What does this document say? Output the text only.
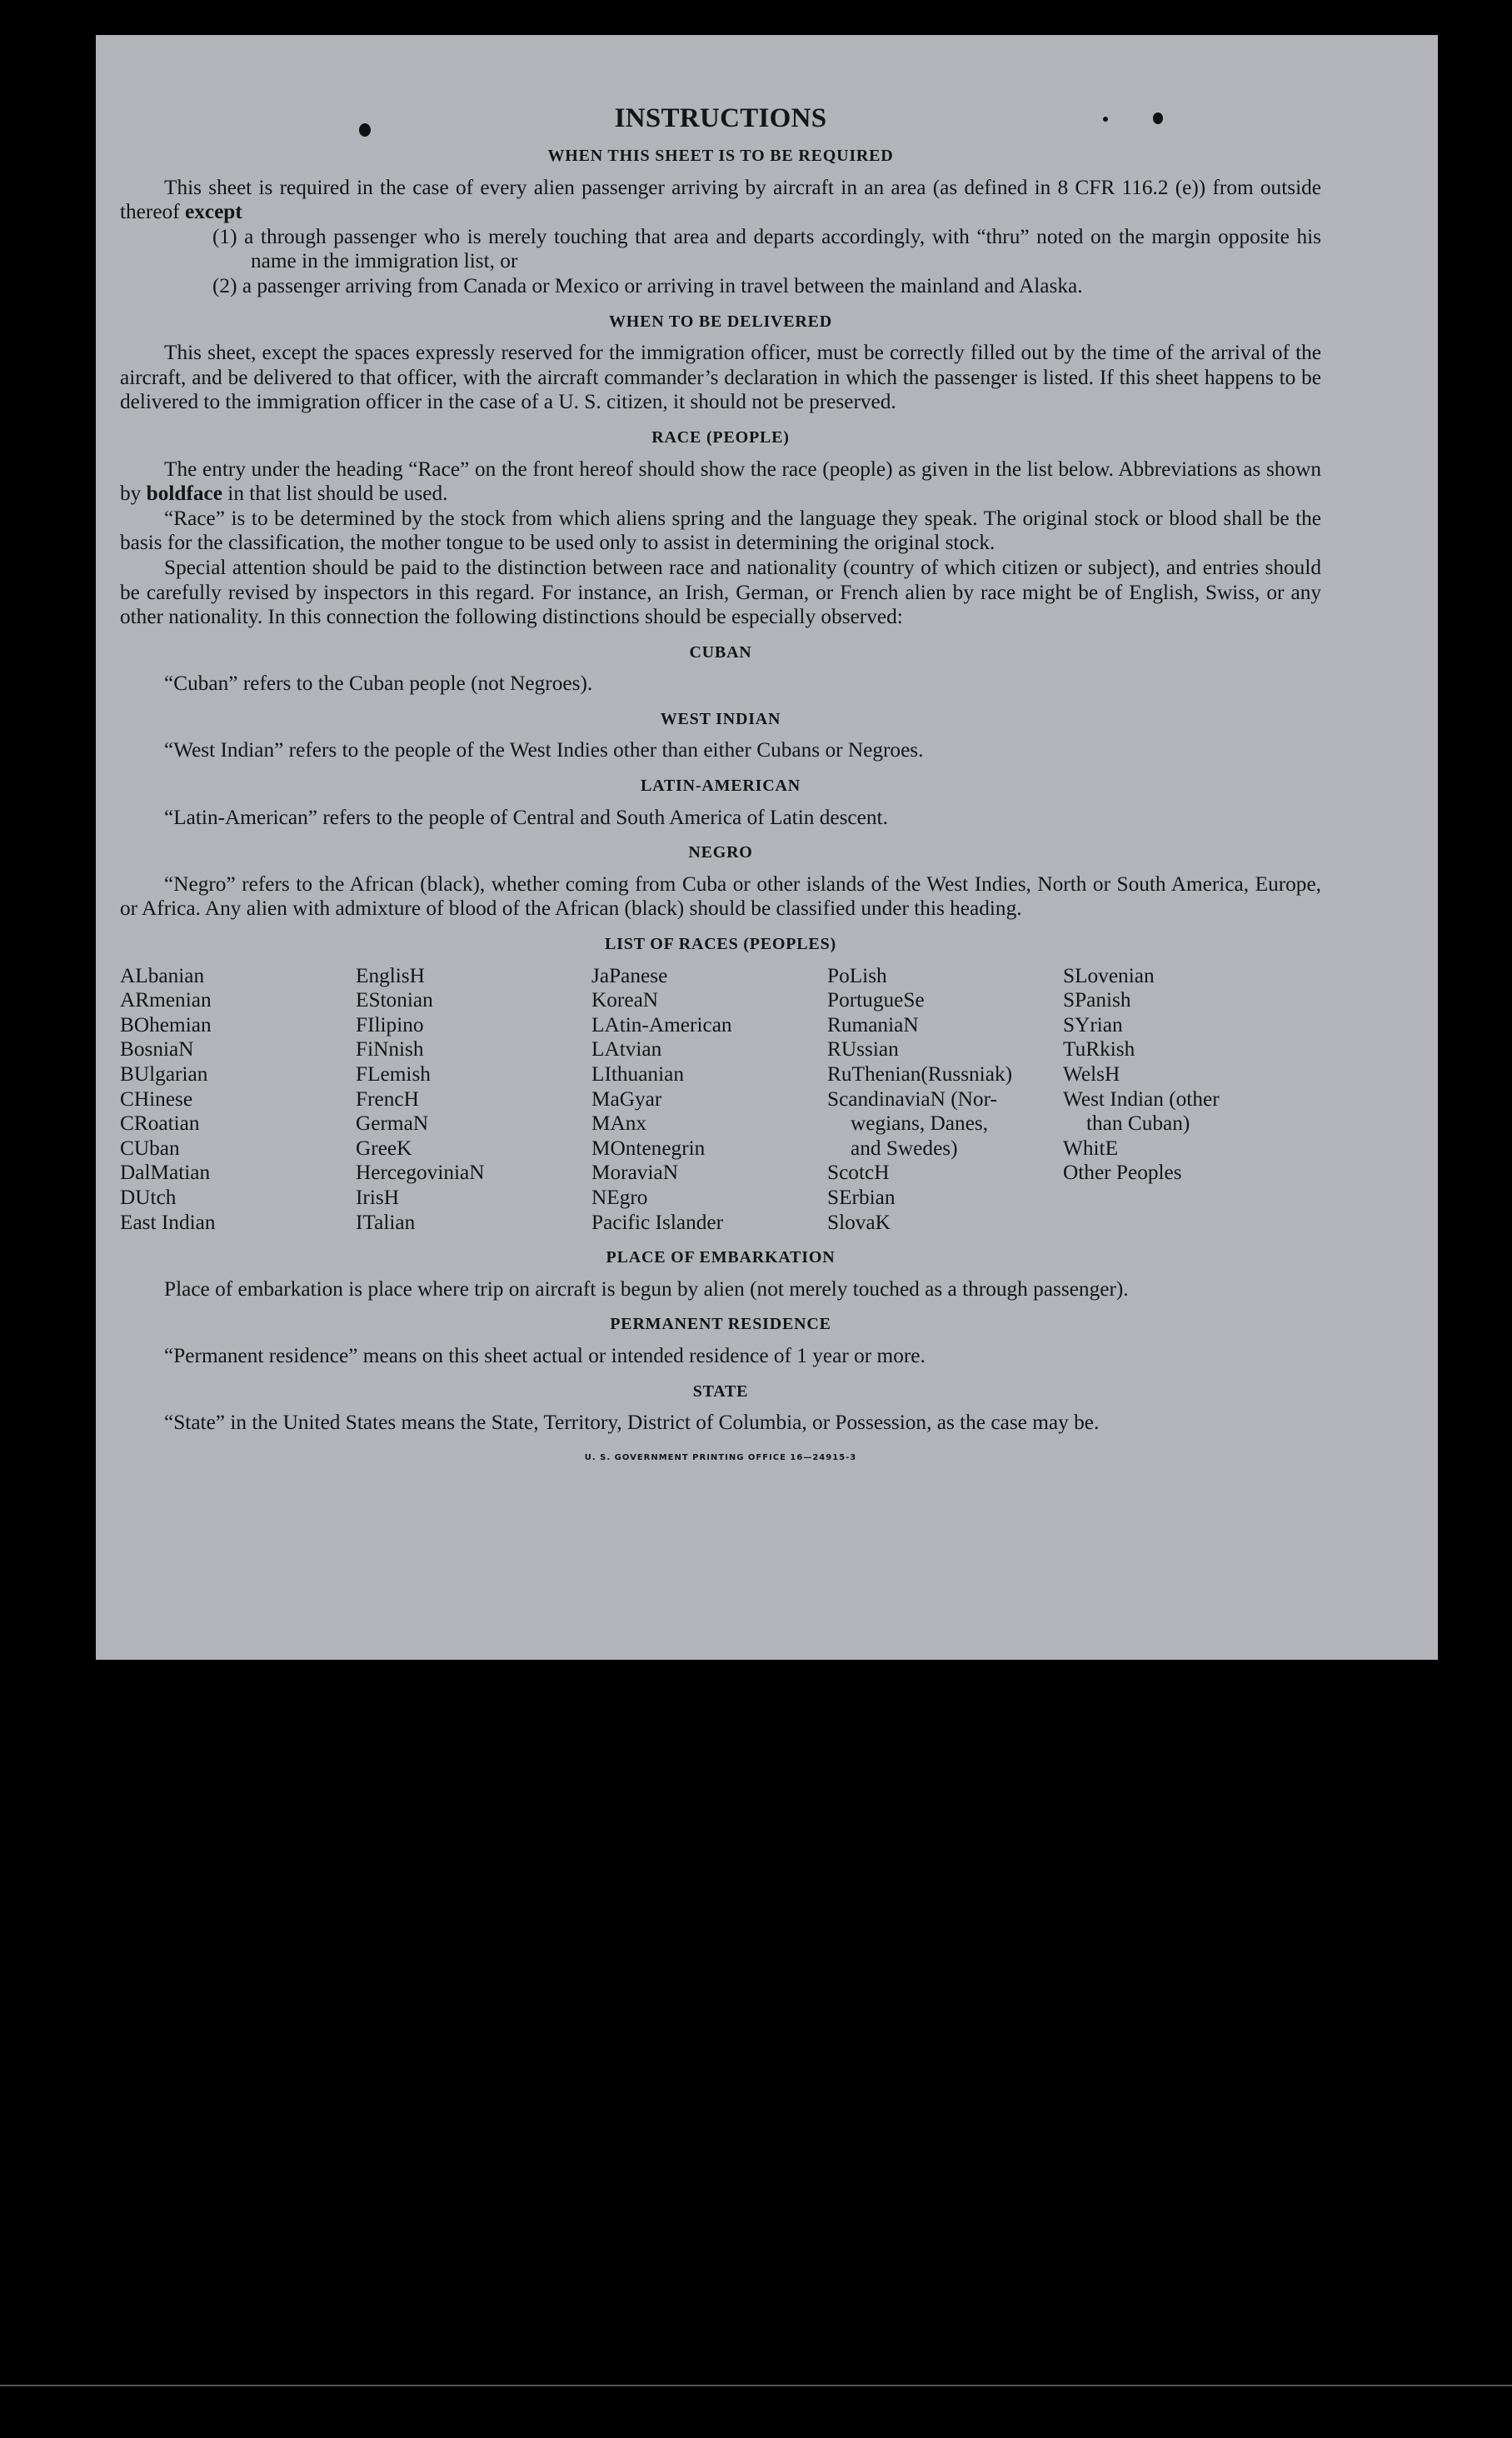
INSTRUCTIONS
WHEN THIS SHEET IS TO BE REQUIRED

This sheet is required in the case of every alien passenger arriving by aircraft in an area (as defined in 8 CFR 116.2 (e)) from outside thereof except

(1) a through passenger who is merely touching that area and departs accordingly, with “thru” noted on the margin opposite his name in the immigration list, or

(2) a passenger arriving from Canada or Mexico or arriving in travel between the mainland and Alaska.

WHEN TO BE DELIVERED

This sheet, except the spaces expressly reserved for the immigration officer, must be correctly filled out by the time of the arrival of the aircraft, and be delivered to that officer, with the aircraft commander’s declaration in which the passenger is listed. If this sheet happens to be delivered to the immigration officer in the case of a U. S. citizen, it should not be preserved.

RACE (PEOPLE)

The entry under the heading “Race” on the front hereof should show the race (people) as given in the list below. Abbreviations as shown by boldface in that list should be used.

“Race” is to be determined by the stock from which aliens spring and the language they speak. The original stock or blood shall be the basis for the classification, the mother tongue to be used only to assist in determining the original stock.

Special attention should be paid to the distinction between race and nationality (country of which citizen or subject), and entries should be carefully revised by inspectors in this regard. For instance, an Irish, German, or French alien by race might be of English, Swiss, or any other nationality. In this connection the following distinctions should be especially observed:

CUBAN

“Cuban” refers to the Cuban people (not Negroes).

WEST INDIAN

“West Indian” refers to the people of the West Indies other than either Cubans or Negroes.

LATIN-AMERICAN

“Latin-American” refers to the people of Central and South America of Latin descent.

NEGRO

“Negro” refers to the African (black), whether coming from Cuba or other islands of the West Indies, North or South America, Europe, or Africa. Any alien with admixture of blood of the African (black) should be classified under this heading.

LIST OF RACES (PEOPLES)
ALbanian
ARmenian
BOhemian
BosniaN
BUlgarian
CHinese
CRoatian
CUban
DalMatian
DUtch
East Indian
EnglisH
EStonian
FIlipino
FiNnish
FLemish
FrencH
GermaN
GreeK
HercegovinіaN
IrisH
ITalian
JaPanese
KoreaN
LAtin-American
LAtvian
LIthuanian
MaGyar
MAnx
MOntenegrin
MoraviaN
NEgro
Pacific Islander
PoLish
PortugueSe
RumaniaN
RUssian
RuThenian(Russniak)
ScandinaviaN (Nor-
wegians, Danes,
and Swedes)
ScotcH
SErbian
SlovaK
SLovenian
SPanish
SYrian
TuRkish
WelsH
West Indian (other
than Cuban)
WhitE
Other Peoples
PLACE OF EMBARKATION

Place of embarkation is place where trip on aircraft is begun by alien (not merely touched as a through passenger).

PERMANENT RESIDENCE

“Permanent residence” means on this sheet actual or intended residence of 1 year or more.

STATE

“State” in the United States means the State, Territory, District of Columbia, or Possession, as the case may be.

U. S. GOVERNMENT PRINTING OFFICE 16—24915-3
